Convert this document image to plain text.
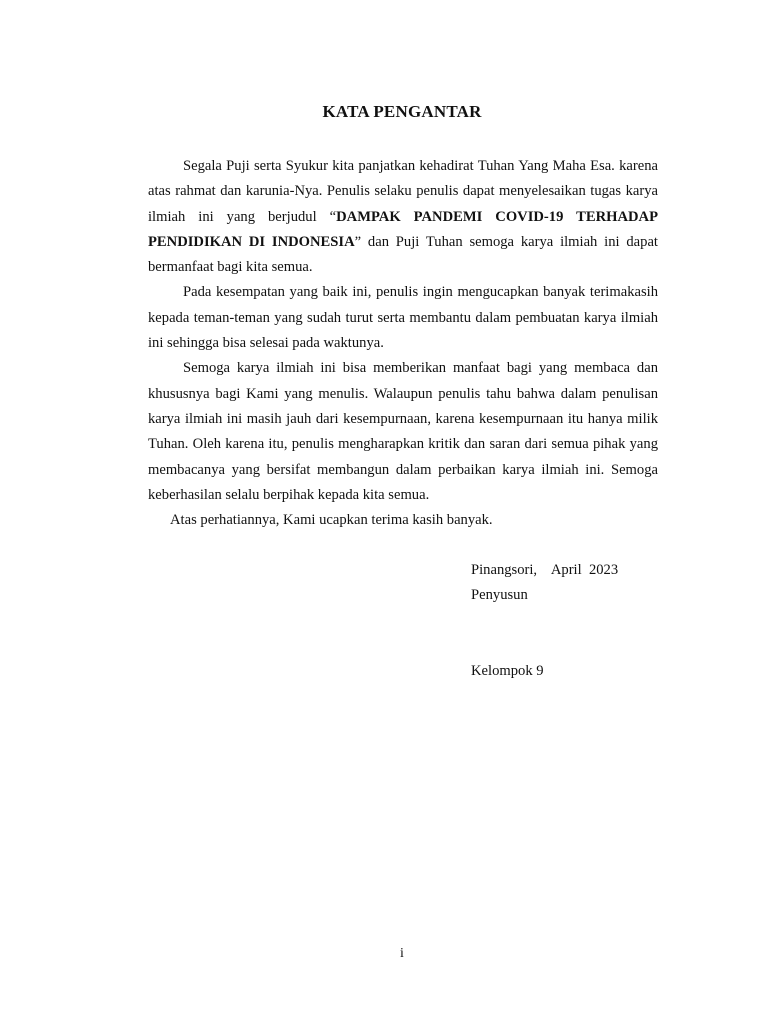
KATA PENGANTAR

Segala Puji serta Syukur kita panjatkan kehadirat Tuhan Yang Maha Esa. karena atas rahmat dan karunia-Nya. Penulis selaku penulis dapat menyelesaikan tugas karya ilmiah ini yang berjudul “DAMPAK PANDEMI COVID-19 TERHADAP PENDIDIKAN DI INDONESIA” dan Puji Tuhan semoga karya ilmiah ini dapat bermanfaat bagi kita semua.

Pada kesempatan yang baik ini, penulis ingin mengucapkan banyak terimakasih kepada teman-teman yang sudah turut serta membantu dalam pembuatan karya ilmiah ini sehingga bisa selesai pada waktunya.

Semoga karya ilmiah ini bisa memberikan manfaat bagi yang membaca dan khususnya bagi Kami yang menulis. Walaupun penulis tahu bahwa dalam penulisan karya ilmiah ini masih jauh dari kesempurnaan, karena kesempurnaan itu hanya milik Tuhan. Oleh karena itu, penulis mengharapkan kritik dan saran dari semua pihak yang membacanya yang bersifat membangun dalam perbaikan karya ilmiah ini. Semoga keberhasilan selalu berpihak kepada kita semua.

Atas perhatiannya, Kami ucapkan terima kasih banyak.

Pinangsori,    April  2023
Penyusun
Kelompok 9
i
